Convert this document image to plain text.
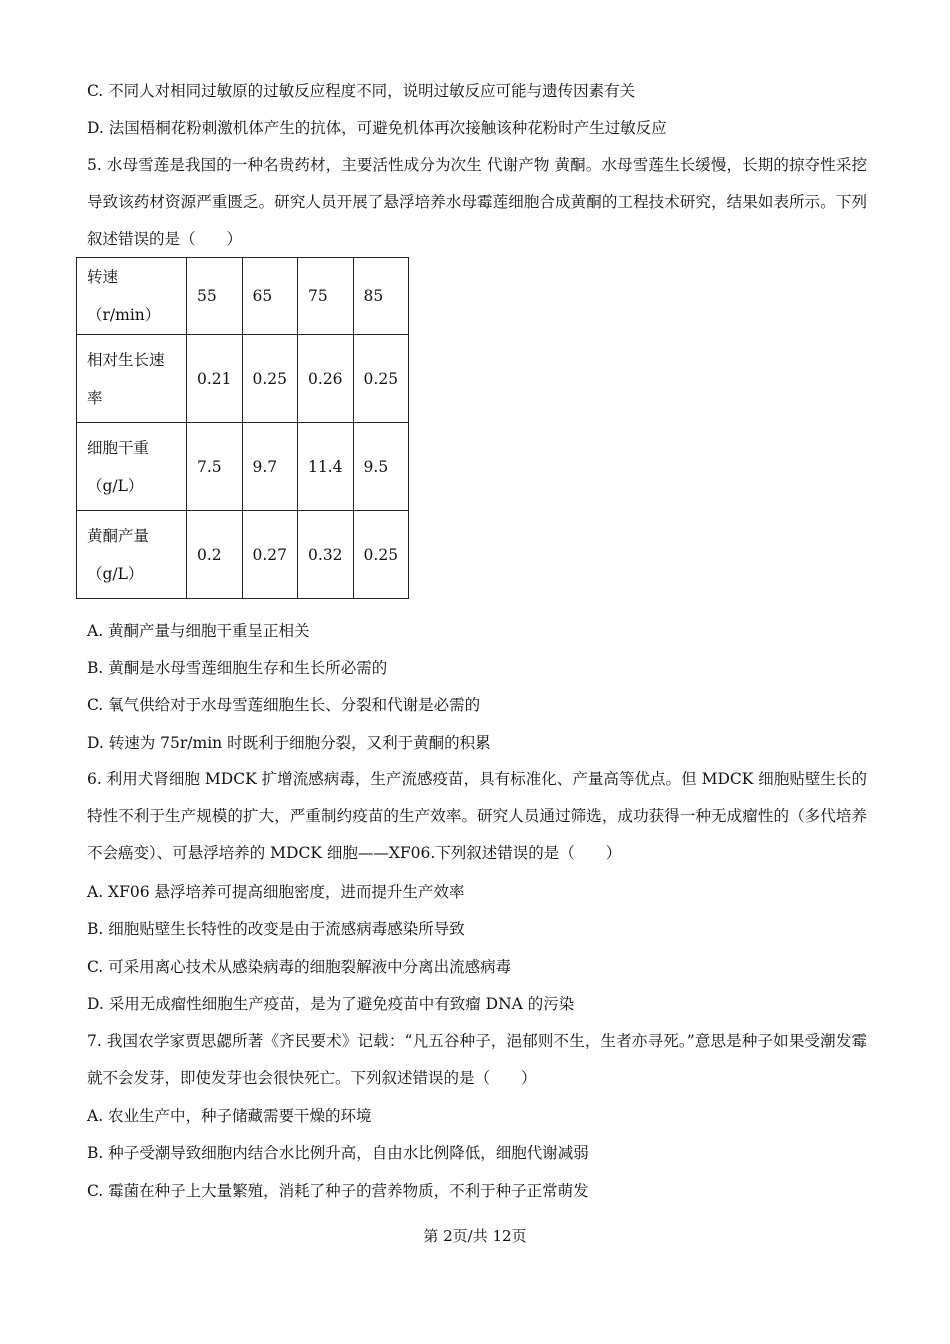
C. 不同人对相同过敏原的过敏反应程度不同，说明过敏反应可能与遗传因素有关
D. 法国梧桐花粉刺激机体产生的抗体，可避免机体再次接触该种花粉时产生过敏反应
5. 水母雪莲是我国的一种名贵药材，主要活性成分为次生 代谢产物 黄酮。水母雪莲生长缓慢，长期的掠夺性采挖导致该药材资源严重匮乏。研究人员开展了悬浮培养水母霉莲细胞合成黄酮的工程技术研究，结果如表所示。下列叙述错误的是（　　）
转速（r/min）	55	65	75	85
相对生长速率	0.21	0.25	0.26	0.25
细胞干重（g/L）	7.5	9.7	11.4	9.5
黄酮产量（g/L）	0.2	0.27	0.32	0.25
A. 黄酮产量与细胞干重呈正相关
B. 黄酮是水母雪莲细胞生存和生长所必需的
C. 氧气供给对于水母雪莲细胞生长、分裂和代谢是必需的
D. 转速为 75r/min 时既利于细胞分裂，又利于黄酮的积累
6. 利用犬肾细胞 MDCK 扩增流感病毒，生产流感疫苗，具有标准化、产量高等优点。但 MDCK 细胞贴壁生长的特性不利于生产规模的扩大，严重制约疫苗的生产效率。研究人员通过筛选，成功获得一种无成瘤性的（多代培养不会癌变）、可悬浮培养的 MDCK 细胞——XF06.下列叙述错误的是（　　）
A. XF06 悬浮培养可提高细胞密度，进而提升生产效率
B. 细胞贴壁生长特性的改变是由于流感病毒感染所导致
C. 可采用离心技术从感染病毒的细胞裂解液中分离出流感病毒
D. 采用无成瘤性细胞生产疫苗，是为了避免疫苗中有致瘤 DNA 的污染
7. 我国农学家贾思勰所著《齐民要术》记载：“凡五谷种子，浥郁则不生，生者亦寻死。”意思是种子如果受潮发霉就不会发芽，即使发芽也会很快死亡。下列叙述错误的是（　　）
A. 农业生产中，种子储藏需要干燥的环境
B. 种子受潮导致细胞内结合水比例升高，自由水比例降低，细胞代谢减弱
C. 霉菌在种子上大量繁殖，消耗了种子的营养物质，不利于种子正常萌发
第 2页/共 12页
